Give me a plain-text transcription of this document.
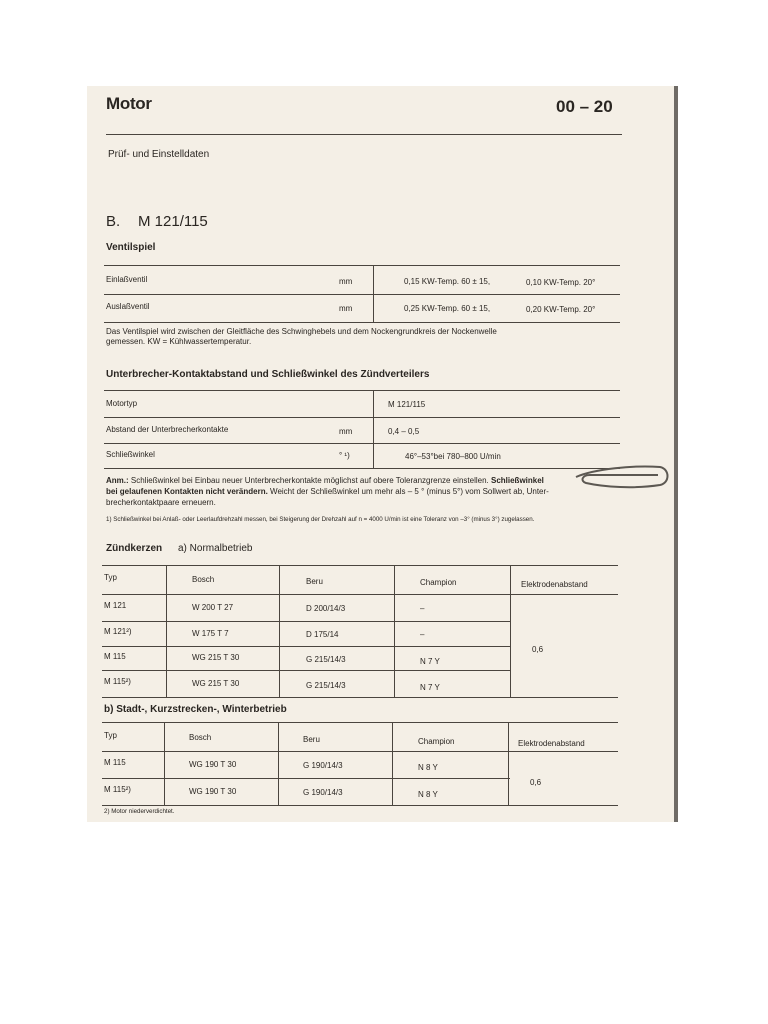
Motor	00 – 20
Prüf- und Einstelldaten
B. M 121/115
Ventilspiel
Einlaßventil	mm	0,15 KW-Temp. 60 ± 15,	0,10 KW-Temp. 20°
Auslaßventil	mm	0,25 KW-Temp. 60 ± 15,	0,20 KW-Temp. 20°
Das Ventilspiel wird zwischen der Gleitfläche des Schwinghebels und dem Nockengrundkreis der Nockenwelle
gemessen. KW = Kühlwassertemperatur.
Unterbrecher-Kontaktabstand und Schließwinkel des Zündverteilers
Motortyp	M 121/115
Abstand der Unterbrecherkontakte	mm	0,4 – 0,5
Schließwinkel	° ¹)	46°–53°bei 780–800 U/min
Anm.: Schließwinkel bei Einbau neuer Unterbrecherkontakte möglichst auf obere Toleranzgrenze einstellen. Schließwinkel
bei gelaufenen Kontakten nicht verändern. Weicht der Schließwinkel um mehr als – 5 ° (minus 5°) vom Sollwert ab, Unter-
brecherkontaktpaare erneuern.
1) Schließwinkel bei Anlaß- oder Leerlaufdrehzahl messen, bei Steigerung der Drehzahl auf n = 4000 U/min ist eine Toleranz von –3° (minus 3°) zugelassen.
Zündkerzen a) Normalbetrieb
Typ	Bosch	Beru	Champion	Elektrodenabstand
M 121	W 200 T 27	D 200/14/3	–
M 121²)	W 175 T 7	D 175/14	–
M 115	WG 215 T 30	G 215/14/3	N 7 Y
M 115²)	WG 215 T 30	G 215/14/3	N 7 Y
0,6
b) Stadt-, Kurzstrecken-, Winterbetrieb
Typ	Bosch	Beru	Champion	Elektrodenabstand
M 115	WG 190 T 30	G 190/14/3	N 8 Y
M 115²)	WG 190 T 30	G 190/14/3	N 8 Y
0,6
2) Motor niederverdichtet.
